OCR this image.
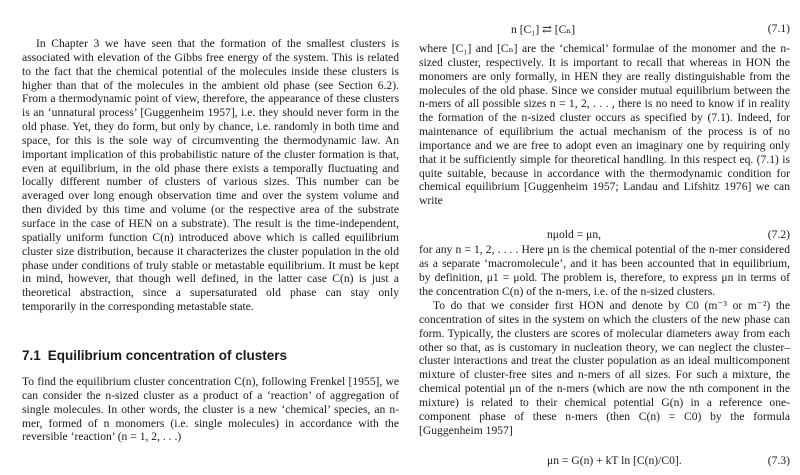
In Chapter 3 we have seen that the formation of the smallest clusters is associated with elevation of the Gibbs free energy of the system. This is related to the fact that the chemical potential of the molecules inside these clusters is higher than that of the molecules in the ambient old phase (see Section 6.2). From a thermodynamic point of view, therefore, the appearance of these clusters is an ‘unnatural process’ [Guggenheim 1957], i.e. they should never form in the old phase. Yet, they do form, but only by chance, i.e. randomly in both time and space, for this is the sole way of circumventing the thermodynamic law. An important implication of this probabilistic nature of the cluster formation is that, even at equilibrium, in the old phase there exists a temporally fluctuating and locally different number of clusters of various sizes. This number can be averaged over long enough observation time and over the system volume and then divided by this time and volume (or the respective area of the substrate surface in the case of HEN on a substrate). The result is the time-independent, spatially uniform function C(n) introduced above which is called equilibrium cluster size distribution, because it characterizes the cluster population in the old phase under conditions of truly stable or metastable equilibrium. It must be kept in mind, however, that though well defined, in the latter case C(n) is just a theoretical abstraction, since a supersaturated old phase can stay only temporarily in the corresponding metastable state.

7.1 Equilibrium concentration of clusters

To find the equilibrium cluster concentration C(n), following Frenkel [1955], we can consider the n-sized cluster as a product of a ‘reaction’ of aggregation of single molecules. In other words, the cluster is a new ‘chemical’ species, an n-mer, formed of n monomers (i.e. single molecules) in accordance with the reversible ‘reaction’ (n = 1, 2, . . .)

n [C₁] ⇄ [Cₙ]	(7.1)

where [C₁] and [Cₙ] are the ‘chemical’ formulae of the monomer and the n-sized cluster, respectively. It is important to recall that whereas in HON the monomers are only formally, in HEN they are really distinguishable from the molecules of the old phase. Since we consider mutual equilibrium between the n-mers of all possible sizes n = 1, 2, . . . , there is no need to know if in reality the formation of the n-sized cluster occurs as specified by (7.1). Indeed, for maintenance of equilibrium the actual mechanism of the process is of no importance and we are free to adopt even an imaginary one by requiring only that it be sufficiently simple for theoretical handling. In this respect eq. (7.1) is quite suitable, because in accordance with the thermodynamic condition for chemical equilibrium [Guggenheim 1957; Landau and Lifshitz 1976] we can write

nμold = μn,	(7.2)

for any n = 1, 2, . . . . Here μn is the chemical potential of the n-mer considered as a separate ‘macromolecule’, and it has been accounted that in equilibrium, by definition, μ1 = μold. The problem is, therefore, to express μn in terms of the concentration C(n) of the n-mers, i.e. of the n-sized clusters.

To do that we consider first HON and denote by C0 (m⁻³ or m⁻²) the concentration of sites in the system on which the clusters of the new phase can form. Typically, the clusters are scores of molecular diameters away from each other so that, as is customary in nucleation theory, we can neglect the cluster–cluster interactions and treat the cluster population as an ideal multicomponent mixture of cluster-free sites and n-mers of all sizes. For such a mixture, the chemical potential μn of the n-mers (which are now the nth component in the mixture) is related to their chemical potential G(n) in a reference one-component phase of these n-mers (then C(n) = C0) by the formula [Guggenheim 1957]

μn = G(n) + kT ln [C(n)/C0].	(7.3)
